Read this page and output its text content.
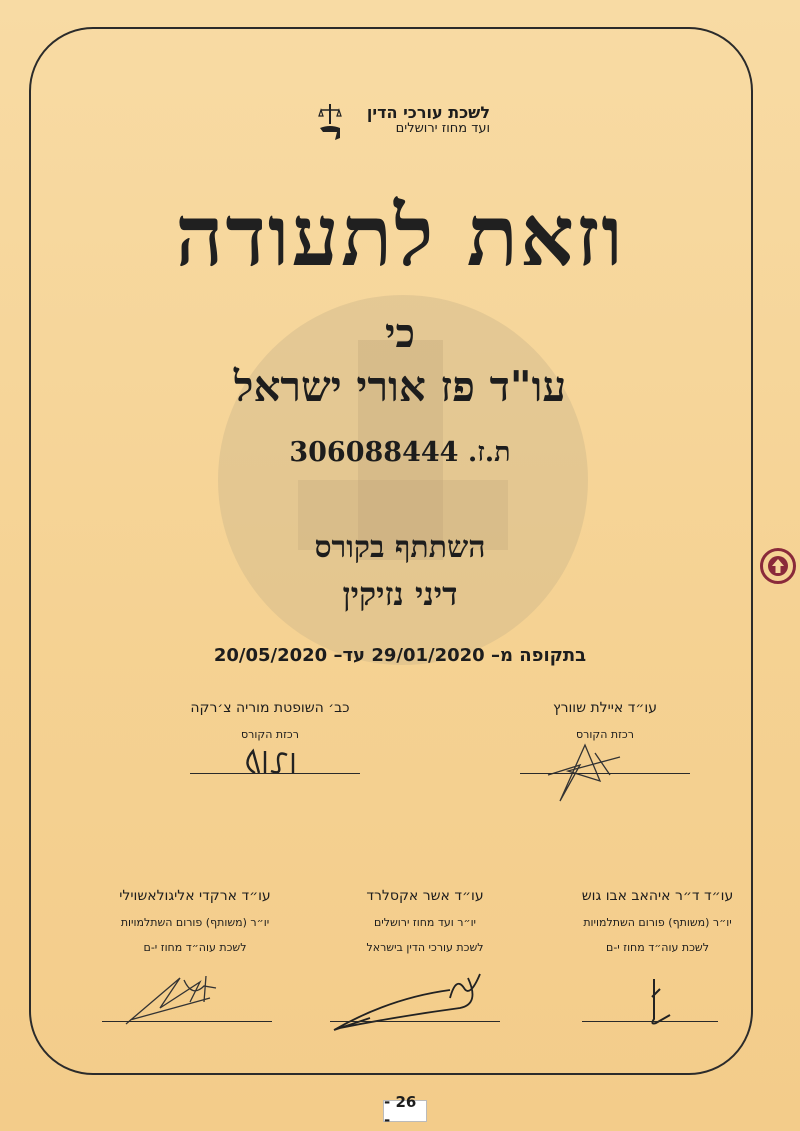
לשכת עורכי הדין
ועד מחוז ירושלים
וזאת לתעודה
כי
עו"ד פז אורי ישראל
ת.ז. 306088444
השתתף בקורס
דיני נזיקין
בתקופה מ– 29/01/2020 עד– 20/05/2020
עו״ד איילת שוורץ
רכזת הקורס
כב׳ השופטת מוריה צ׳רקה
רכזת הקורס
עו״ד ד״ר איהאב אבו גוש
יו״ר (משותף) פורום השתלמויות
לשכת עוה״ד מחוז י-ם
עו״ד אשר אקסלרד
יו״ר ועד מחוז ירושלים
לשכת עורכי הדין בישראל
עו״ד ארקדי אליגולאשוילי
יו״ר (משותף) פורום השתלמויות
לשכת עוה״ד מחוז י-ם
- 26 -
